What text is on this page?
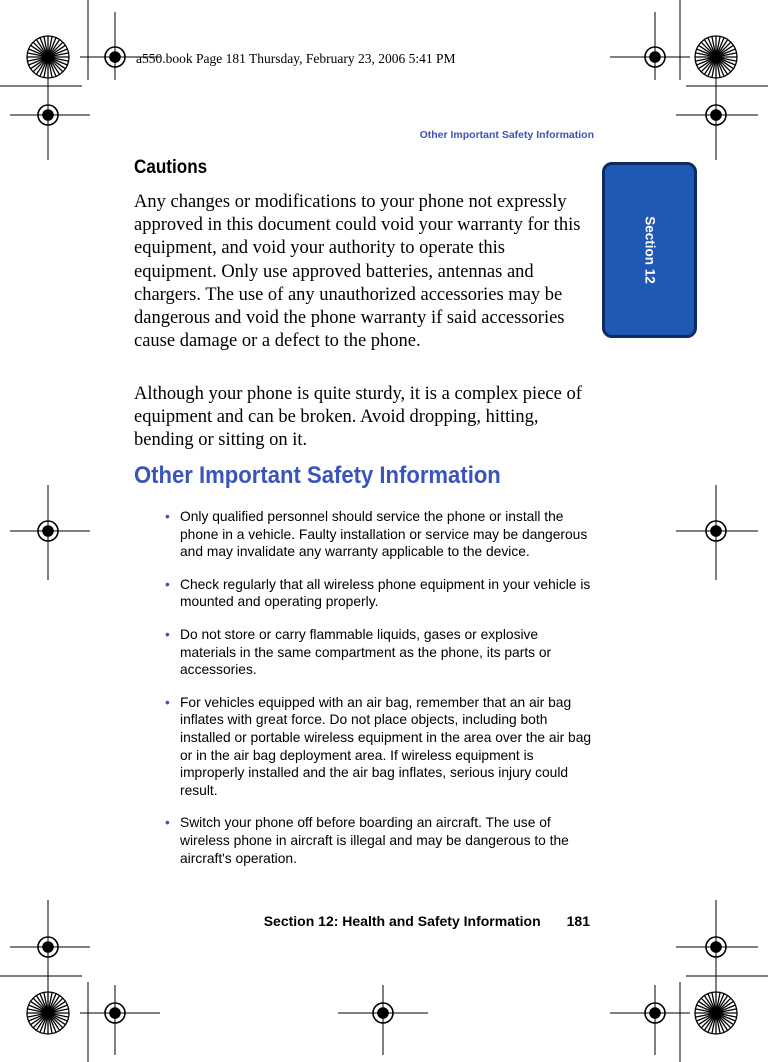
a550.book Page 181 Thursday, February 23, 2006 5:41 PM
Other Important Safety Information
Section 12
Cautions

Any changes or modifications to your phone not expressly approved in this document could void your warranty for this equipment, and void your authority to operate this equipment. Only use approved batteries, antennas and chargers. The use of any unauthorized accessories may be dangerous and void the phone warranty if said accessories cause damage or a defect to the phone.

Although your phone is quite sturdy, it is a complex piece of equipment and can be broken. Avoid dropping, hitting, bending or sitting on it.

Other Important Safety Information
• Only qualified personnel should service the phone or install the phone in a vehicle. Faulty installation or service may be dangerous and may invalidate any warranty applicable to the device.
• Check regularly that all wireless phone equipment in your vehicle is mounted and operating properly.
• Do not store or carry flammable liquids, gases or explosive materials in the same compartment as the phone, its parts or accessories.
• For vehicles equipped with an air bag, remember that an air bag inflates with great force. Do not place objects, including both installed or portable wireless equipment in the area over the air bag or in the air bag deployment area. If wireless equipment is improperly installed and the air bag inflates, serious injury could result.
• Switch your phone off before boarding an aircraft. The use of wireless phone in aircraft is illegal and may be dangerous to the aircraft's operation.
Section 12: Health and Safety Information 181
